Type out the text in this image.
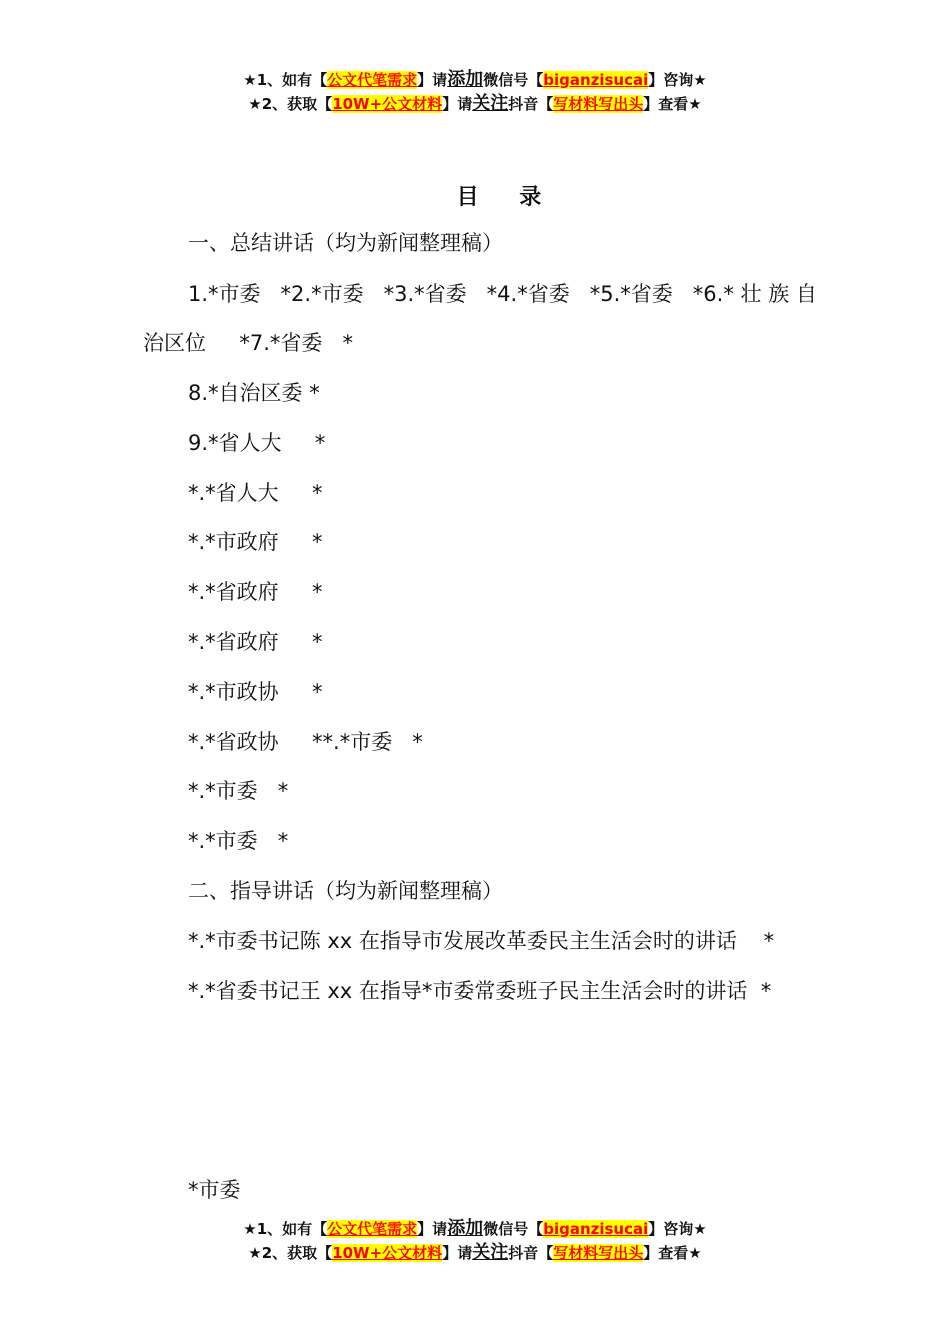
★1、如有【公文代笔需求】请添加微信号【biganzisucai】咨询★
★2、获取【10W+公文材料】请关注抖音【写材料写出头】查看★
目    录
一、总结讲话（均为新闻整理稿）
1.*市委   *2.*市委   *3.*省委   *4.*省委   *5.*省委   *6.* 壮 族 自
治区位     *7.*省委   *
8.*自治区委 *
9.*省人大     *
*.*省人大     *
*.*市政府     *
*.*省政府     *
*.*省政府     *
*.*市政协     *
*.*省政协     **.*市委   *
*.*市委   *
*.*市委   *
二、指导讲话（均为新闻整理稿）
*.*市委书记陈 xx 在指导市发展改革委民主生活会时的讲话    *
*.*省委书记王 xx 在指导*市委常委班子民主生活会时的讲话  *
*市委
★1、如有【公文代笔需求】请添加微信号【biganzisucai】咨询★
★2、获取【10W+公文材料】请关注抖音【写材料写出头】查看★
